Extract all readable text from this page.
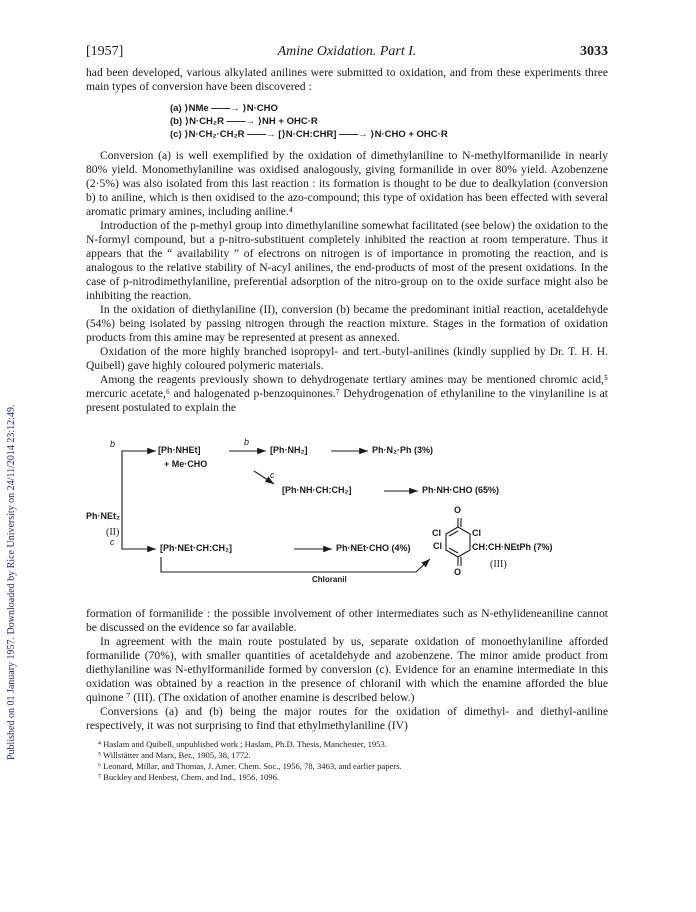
Published on 01 January 1957. Downloaded by Rice University on 24/11/2014 23:12:49.
[1957]	Amine Oxidation. Part I.	3033

had been developed, various alkylated anilines were submitted to oxidation, and from these experiments three main types of conversion have been discovered :

(a) ⟩NMe ——→ ⟩N·CHO
(b) ⟩N·CH₂R ——→ ⟩NH + OHC·R
(c) ⟩N·CH₂·CH₂R ——→ [⟩N·CH:CHR] ——→ ⟩N·CHO + OHC·R

Conversion (a) is well exemplified by the oxidation of dimethylaniline to N-methylformanilide in nearly 80% yield. Monomethylaniline was oxidised analogously, giving formanilide in over 80% yield. Azobenzene (2·5%) was also isolated from this last reaction : its formation is thought to be due to dealkylation (conversion b) to aniline, which is then oxidised to the azo-compound; this type of oxidation has been effected with several aromatic primary amines, including aniline.⁴

Introduction of the p-methyl group into dimethylaniline somewhat facilitated (see below) the oxidation to the N-formyl compound, but a p-nitro-substituent completely inhibited the reaction at room temperature. Thus it appears that the “ availability ” of electrons on nitrogen is of importance in promoting the reaction, and is analogous to the relative stability of N-acyl anilines, the end-products of most of the present oxidations. In the case of p-nitrodimethylaniline, preferential adsorption of the nitro-group on to the oxide surface might also be inhibiting the reaction.

In the oxidation of diethylaniline (II), conversion (b) became the predominant initial reaction, acetaldehyde (54%) being isolated by passing nitrogen through the reaction mixture. Stages in the formation of oxidation products from this amine may be represented at present as annexed.

Oxidation of the more highly branched isopropyl- and tert.-butyl-anilines (kindly supplied by Dr. T. H. H. Quibell) gave highly coloured polymeric materials.

Among the reagents previously shown to dehydrogenate tertiary amines may be mentioned chromic acid,⁵ mercuric acetate,⁶ and halogenated p-benzoquinones.⁷ Dehydrogenation of ethylaniline to the vinylaniline is at present postulated to explain the

Ph·NEt₂
(II)
b	b
c
c
[Ph·NHEt]
+ Me·CHO
[Ph·NH₂]	Ph·N₂·Ph (3%)
[Ph·NH·CH:CH₂]	Ph·NH·CHO (65%)
[Ph·NEt·CH:CH₂]	Ph·NEt·CHO (4%)
O
O
Cl	Cl
Cl	CH:CH·NEtPh (7%)
(III)
Chloranil

formation of formanilide : the possible involvement of other intermediates such as N-ethylideneaniline cannot be discussed on the evidence so far available.

In agreement with the main route postulated by us, separate oxidation of monoethylaniline afforded formanilide (70%), with smaller quantities of acetaldehyde and azobenzene. The minor amide product from diethylaniline was N-ethylformanilide formed by conversion (c). Evidence for an enamine intermediate in this oxidation was obtained by a reaction in the presence of chloranil with which the enamine afforded the blue quinone ⁷ (III). (The oxidation of another enamine is described below.)

Conversions (a) and (b) being the major routes for the oxidation of dimethyl- and diethyl-aniline respectively, it was not surprising to find that ethylmethylaniline (IV)

⁴ Haslam and Quibell, unpublished work ; Haslam, Ph.D. Thesis, Manchester, 1953.
⁵ Willstätter and Marx, Ber., 1905, 38, 1772.
⁶ Leonard, Millar, and Thomas, J. Amer. Chem. Soc., 1956, 78, 3463, and earlier papers.
⁷ Buckley and Henbest, Chem. and Ind., 1956, 1096.
